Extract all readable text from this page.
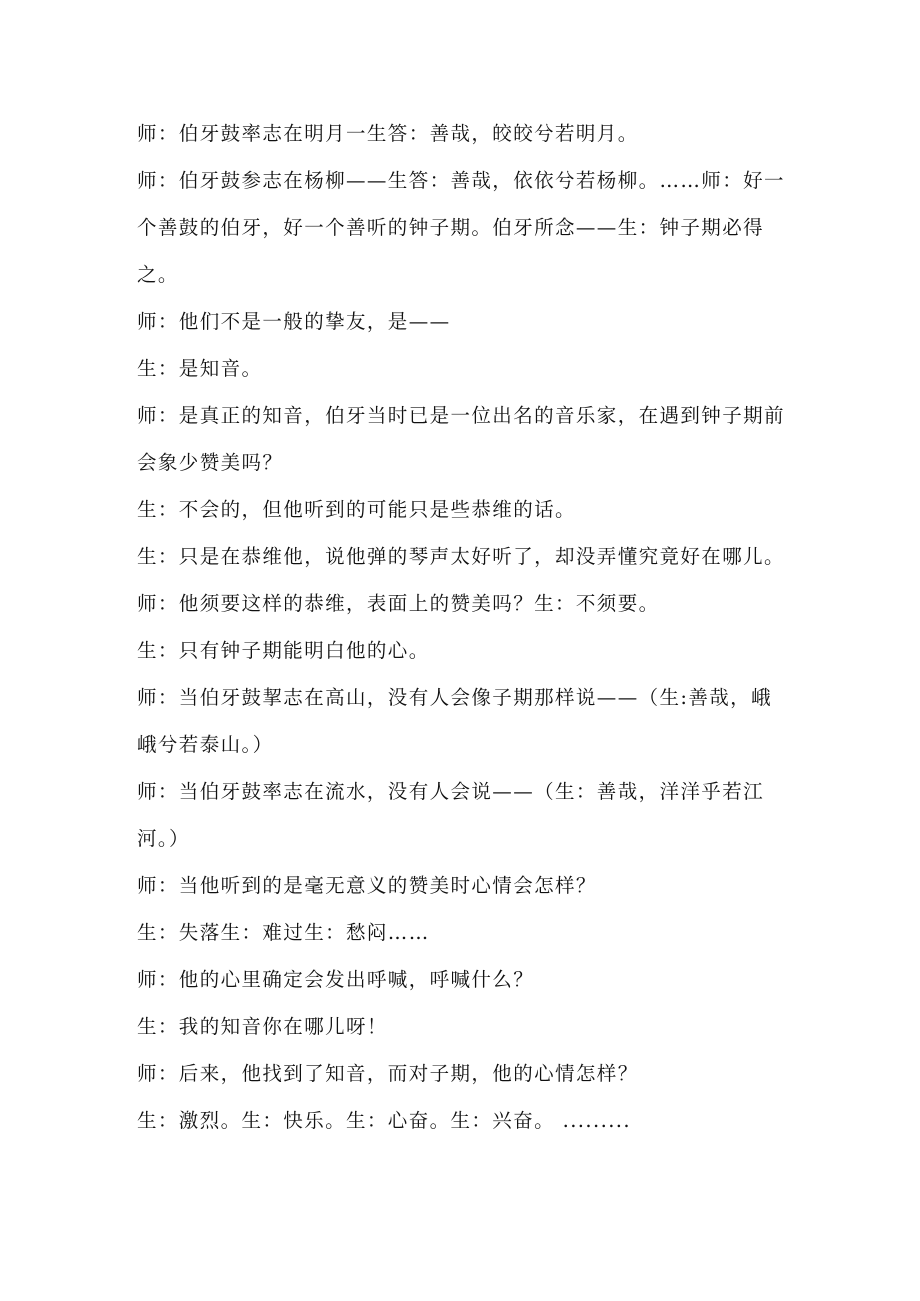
师：伯牙鼓率志在明月一生答：善哉，皎皎兮若明月。

师：伯牙鼓参志在杨柳——生答：善哉，依依兮若杨柳。……师：好一个善鼓的伯牙，好一个善听的钟子期。伯牙所念——生：钟子期必得之。

师：他们不是一般的挚友，是——

生：是知音。

师：是真正的知音，伯牙当时已是一位出名的音乐家，在遇到钟子期前会象少赞美吗？

生：不会的，但他听到的可能只是些恭维的话。

生：只是在恭维他，说他弹的琴声太好听了，却没弄懂究竟好在哪儿。

师：他须要这样的恭维，表面上的赞美吗？生：不须要。

生：只有钟子期能明白他的心。

师：当伯牙鼓挈志在高山，没有人会像子期那样说——（生:善哉，峨峨兮若泰山。）

师：当伯牙鼓率志在流水，没有人会说——（生：善哉，洋洋乎若江河。）

师：当他听到的是毫无意义的赞美时心情会怎样？

生：失落生：难过生：愁闷……

师：他的心里确定会发出呼喊，呼喊什么？

生：我的知音你在哪儿呀！

师：后来，他找到了知音，而对子期，他的心情怎样？

生：激烈。生：快乐。生：心奋。生：兴奋。 .........
